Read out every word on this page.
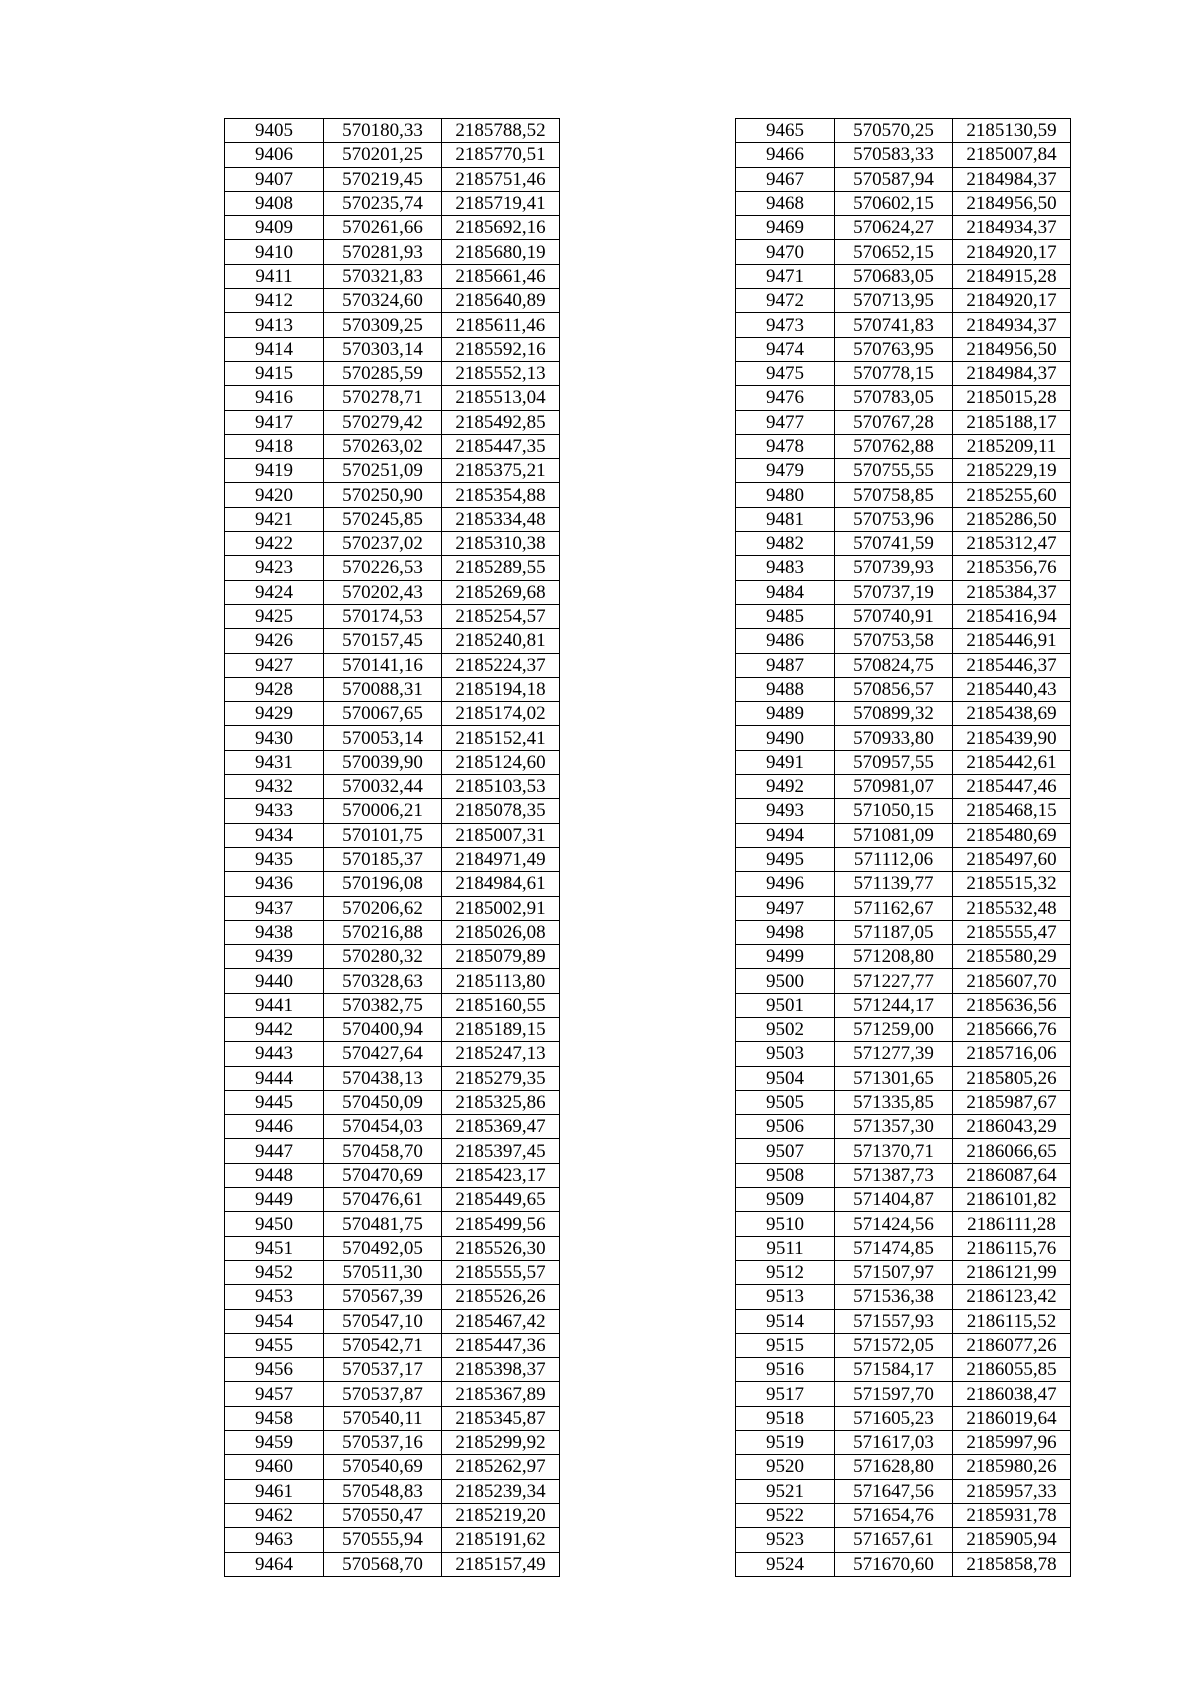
9405	570180,33	2185788,52
9406	570201,25	2185770,51
9407	570219,45	2185751,46
9408	570235,74	2185719,41
9409	570261,66	2185692,16
9410	570281,93	2185680,19
9411	570321,83	2185661,46
9412	570324,60	2185640,89
9413	570309,25	2185611,46
9414	570303,14	2185592,16
9415	570285,59	2185552,13
9416	570278,71	2185513,04
9417	570279,42	2185492,85
9418	570263,02	2185447,35
9419	570251,09	2185375,21
9420	570250,90	2185354,88
9421	570245,85	2185334,48
9422	570237,02	2185310,38
9423	570226,53	2185289,55
9424	570202,43	2185269,68
9425	570174,53	2185254,57
9426	570157,45	2185240,81
9427	570141,16	2185224,37
9428	570088,31	2185194,18
9429	570067,65	2185174,02
9430	570053,14	2185152,41
9431	570039,90	2185124,60
9432	570032,44	2185103,53
9433	570006,21	2185078,35
9434	570101,75	2185007,31
9435	570185,37	2184971,49
9436	570196,08	2184984,61
9437	570206,62	2185002,91
9438	570216,88	2185026,08
9439	570280,32	2185079,89
9440	570328,63	2185113,80
9441	570382,75	2185160,55
9442	570400,94	2185189,15
9443	570427,64	2185247,13
9444	570438,13	2185279,35
9445	570450,09	2185325,86
9446	570454,03	2185369,47
9447	570458,70	2185397,45
9448	570470,69	2185423,17
9449	570476,61	2185449,65
9450	570481,75	2185499,56
9451	570492,05	2185526,30
9452	570511,30	2185555,57
9453	570567,39	2185526,26
9454	570547,10	2185467,42
9455	570542,71	2185447,36
9456	570537,17	2185398,37
9457	570537,87	2185367,89
9458	570540,11	2185345,87
9459	570537,16	2185299,92
9460	570540,69	2185262,97
9461	570548,83	2185239,34
9462	570550,47	2185219,20
9463	570555,94	2185191,62
9464	570568,70	2185157,49
9465	570570,25	2185130,59
9466	570583,33	2185007,84
9467	570587,94	2184984,37
9468	570602,15	2184956,50
9469	570624,27	2184934,37
9470	570652,15	2184920,17
9471	570683,05	2184915,28
9472	570713,95	2184920,17
9473	570741,83	2184934,37
9474	570763,95	2184956,50
9475	570778,15	2184984,37
9476	570783,05	2185015,28
9477	570767,28	2185188,17
9478	570762,88	2185209,11
9479	570755,55	2185229,19
9480	570758,85	2185255,60
9481	570753,96	2185286,50
9482	570741,59	2185312,47
9483	570739,93	2185356,76
9484	570737,19	2185384,37
9485	570740,91	2185416,94
9486	570753,58	2185446,91
9487	570824,75	2185446,37
9488	570856,57	2185440,43
9489	570899,32	2185438,69
9490	570933,80	2185439,90
9491	570957,55	2185442,61
9492	570981,07	2185447,46
9493	571050,15	2185468,15
9494	571081,09	2185480,69
9495	571112,06	2185497,60
9496	571139,77	2185515,32
9497	571162,67	2185532,48
9498	571187,05	2185555,47
9499	571208,80	2185580,29
9500	571227,77	2185607,70
9501	571244,17	2185636,56
9502	571259,00	2185666,76
9503	571277,39	2185716,06
9504	571301,65	2185805,26
9505	571335,85	2185987,67
9506	571357,30	2186043,29
9507	571370,71	2186066,65
9508	571387,73	2186087,64
9509	571404,87	2186101,82
9510	571424,56	2186111,28
9511	571474,85	2186115,76
9512	571507,97	2186121,99
9513	571536,38	2186123,42
9514	571557,93	2186115,52
9515	571572,05	2186077,26
9516	571584,17	2186055,85
9517	571597,70	2186038,47
9518	571605,23	2186019,64
9519	571617,03	2185997,96
9520	571628,80	2185980,26
9521	571647,56	2185957,33
9522	571654,76	2185931,78
9523	571657,61	2185905,94
9524	571670,60	2185858,78
